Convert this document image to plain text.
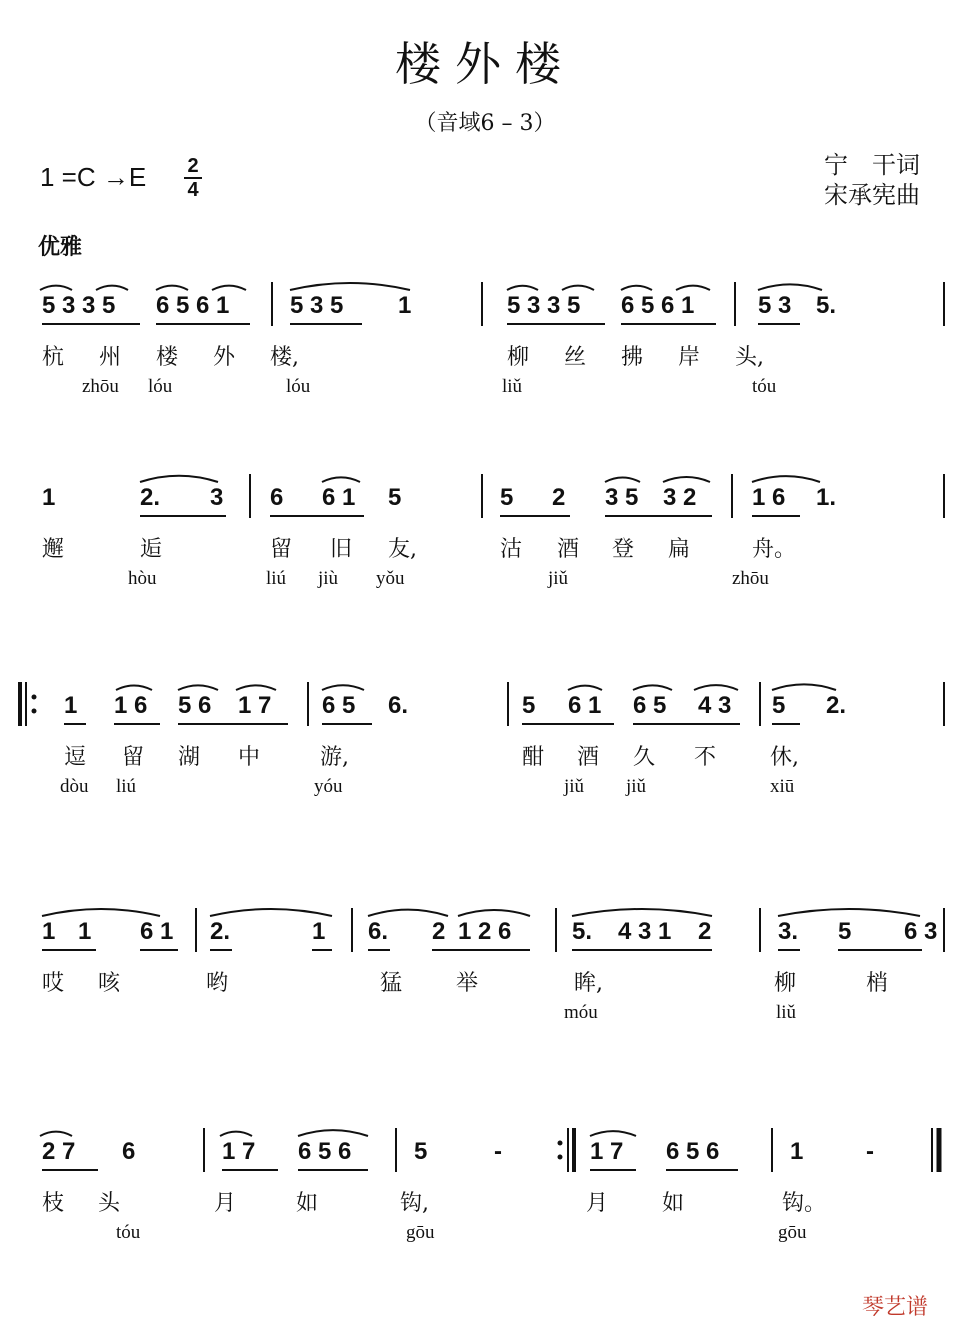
楼外楼
（音域6 – 3）
1 =C →E 2
4
宁　干词
宋承宪曲
优雅
5 3 3 5 6 5 6 1	5 3 5 1	5 3 3 5 6 5 6 1	5 3 5.
杭 州 楼 外 楼,	柳 丝 拂 岸 头,
zhōu lóu	lóu	liǔ	tóu
1	2. 3 6 6 1 5	5 2 3 5 3 2 1 6 1.
邂	逅	留 旧 友,	沽 酒 登 扁	舟。
hòu	liú jiù yǒu	jiǔ	zhōu
1 1 6 5 6 1 7 6 5 6.	5 6 1 6 5 4 3 5 2.
逗 留 湖 中	游,	酣 酒 久 不 休,
dòu liú	yóu	jiǔ jiǔ	xiū
1 1 6 1 2.	1 6. 2 1 2 6	5. 4 3 1 2	3. 5 6 3
哎 咳	哟	猛 举	眸,	柳	梢
móu	liǔ
2 7 6	1 7 6 5 6	5	-	1 7 6 5 6	1	-
枝 头	月	如	钩,	月 如	钩。
tóu	gōu	gōu
琴艺谱
